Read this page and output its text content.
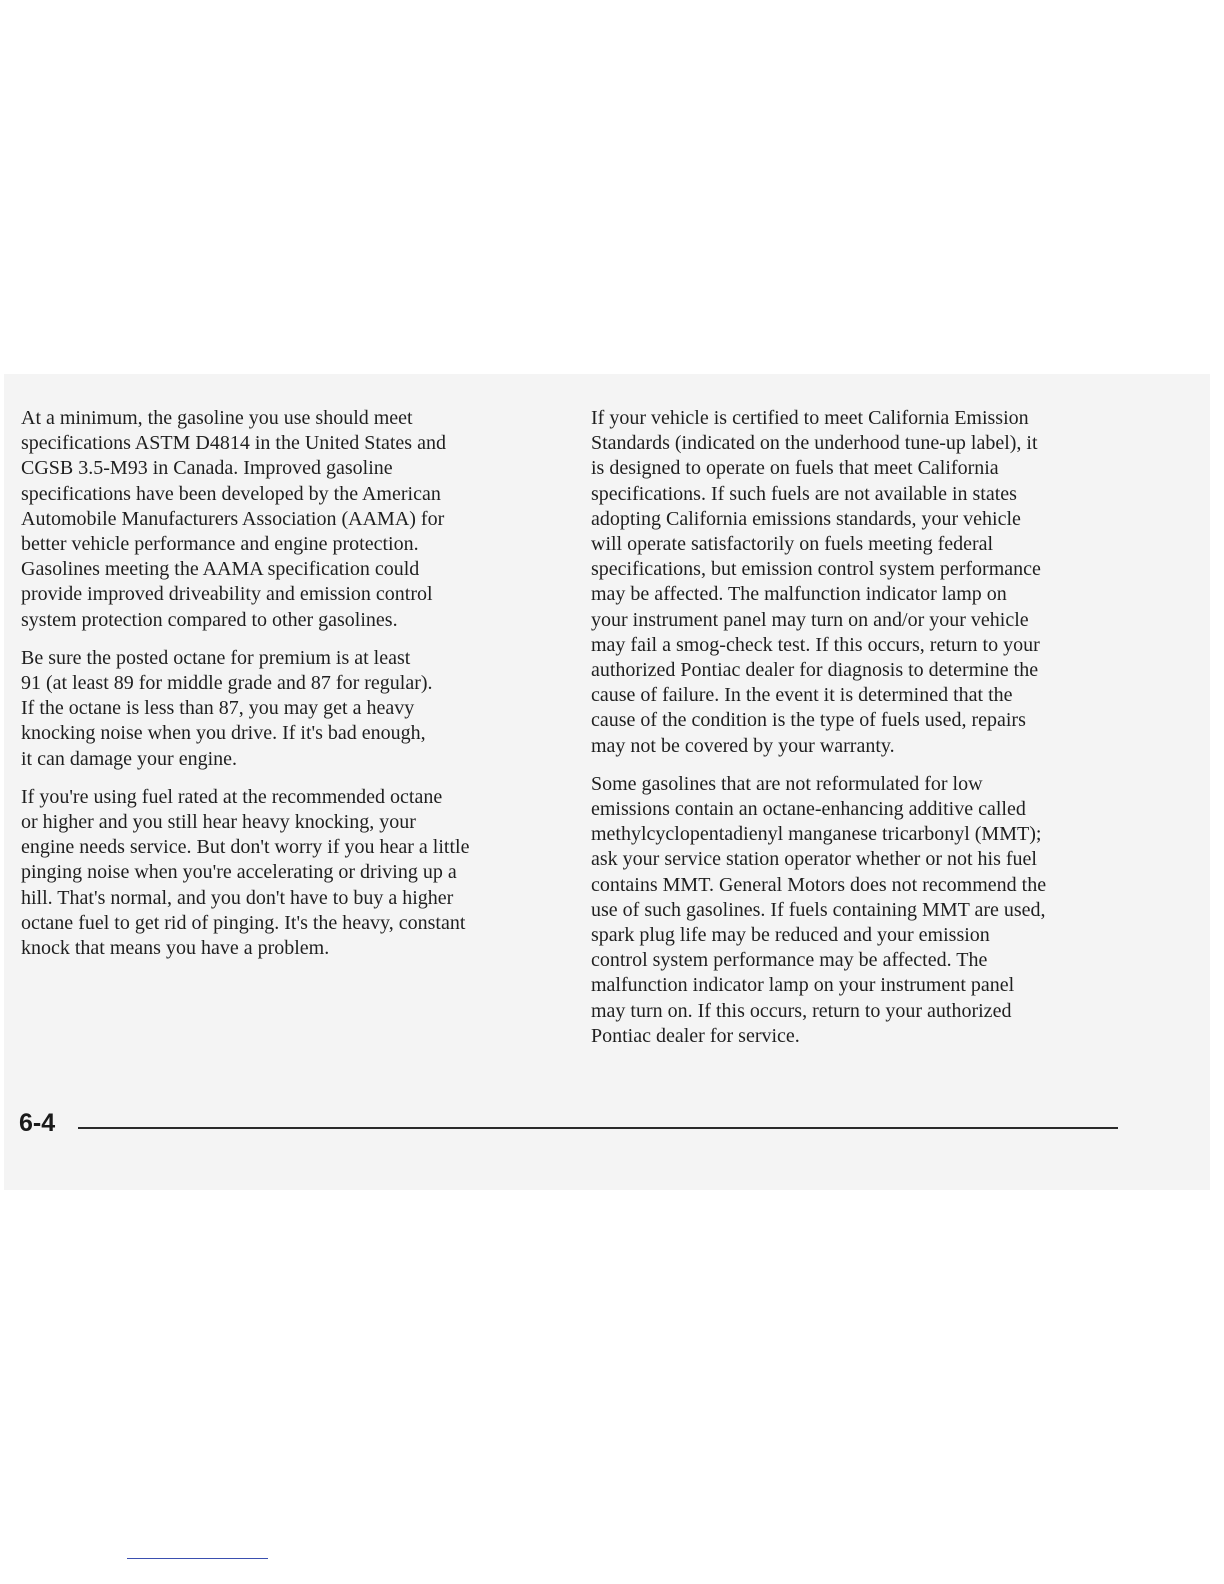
At a minimum, the gasoline you use should meet
specifications ASTM D4814 in the United States and
CGSB 3.5-M93 in Canada. Improved gasoline
specifications have been developed by the American
Automobile Manufacturers Association (AAMA) for
better vehicle performance and engine protection.
Gasolines meeting the AAMA specification could
provide improved driveability and emission control
system protection compared to other gasolines.

Be sure the posted octane for premium is at least
91 (at least 89 for middle grade and 87 for regular).
If the octane is less than 87, you may get a heavy
knocking noise when you drive. If it's bad enough,
it can damage your engine.

If you're using fuel rated at the recommended octane
or higher and you still hear heavy knocking, your
engine needs service. But don't worry if you hear a little
pinging noise when you're accelerating or driving up a
hill. That's normal, and you don't have to buy a higher
octane fuel to get rid of pinging. It's the heavy, constant
knock that means you have a problem.

If your vehicle is certified to meet California Emission
Standards (indicated on the underhood tune-up label), it
is designed to operate on fuels that meet California
specifications. If such fuels are not available in states
adopting California emissions standards, your vehicle
will operate satisfactorily on fuels meeting federal
specifications, but emission control system performance
may be affected. The malfunction indicator lamp on
your instrument panel may turn on and/or your vehicle
may fail a smog-check test. If this occurs, return to your
authorized Pontiac dealer for diagnosis to determine the
cause of failure. In the event it is determined that the
cause of the condition is the type of fuels used, repairs
may not be covered by your warranty.

Some gasolines that are not reformulated for low
emissions contain an octane-enhancing additive called
methylcyclopentadienyl manganese tricarbonyl (MMT);
ask your service station operator whether or not his fuel
contains MMT. General Motors does not recommend the
use of such gasolines. If fuels containing MMT are used,
spark plug life may be reduced and your emission
control system performance may be affected. The
malfunction indicator lamp on your instrument panel
may turn on. If this occurs, return to your authorized
Pontiac dealer for service.

6-4
